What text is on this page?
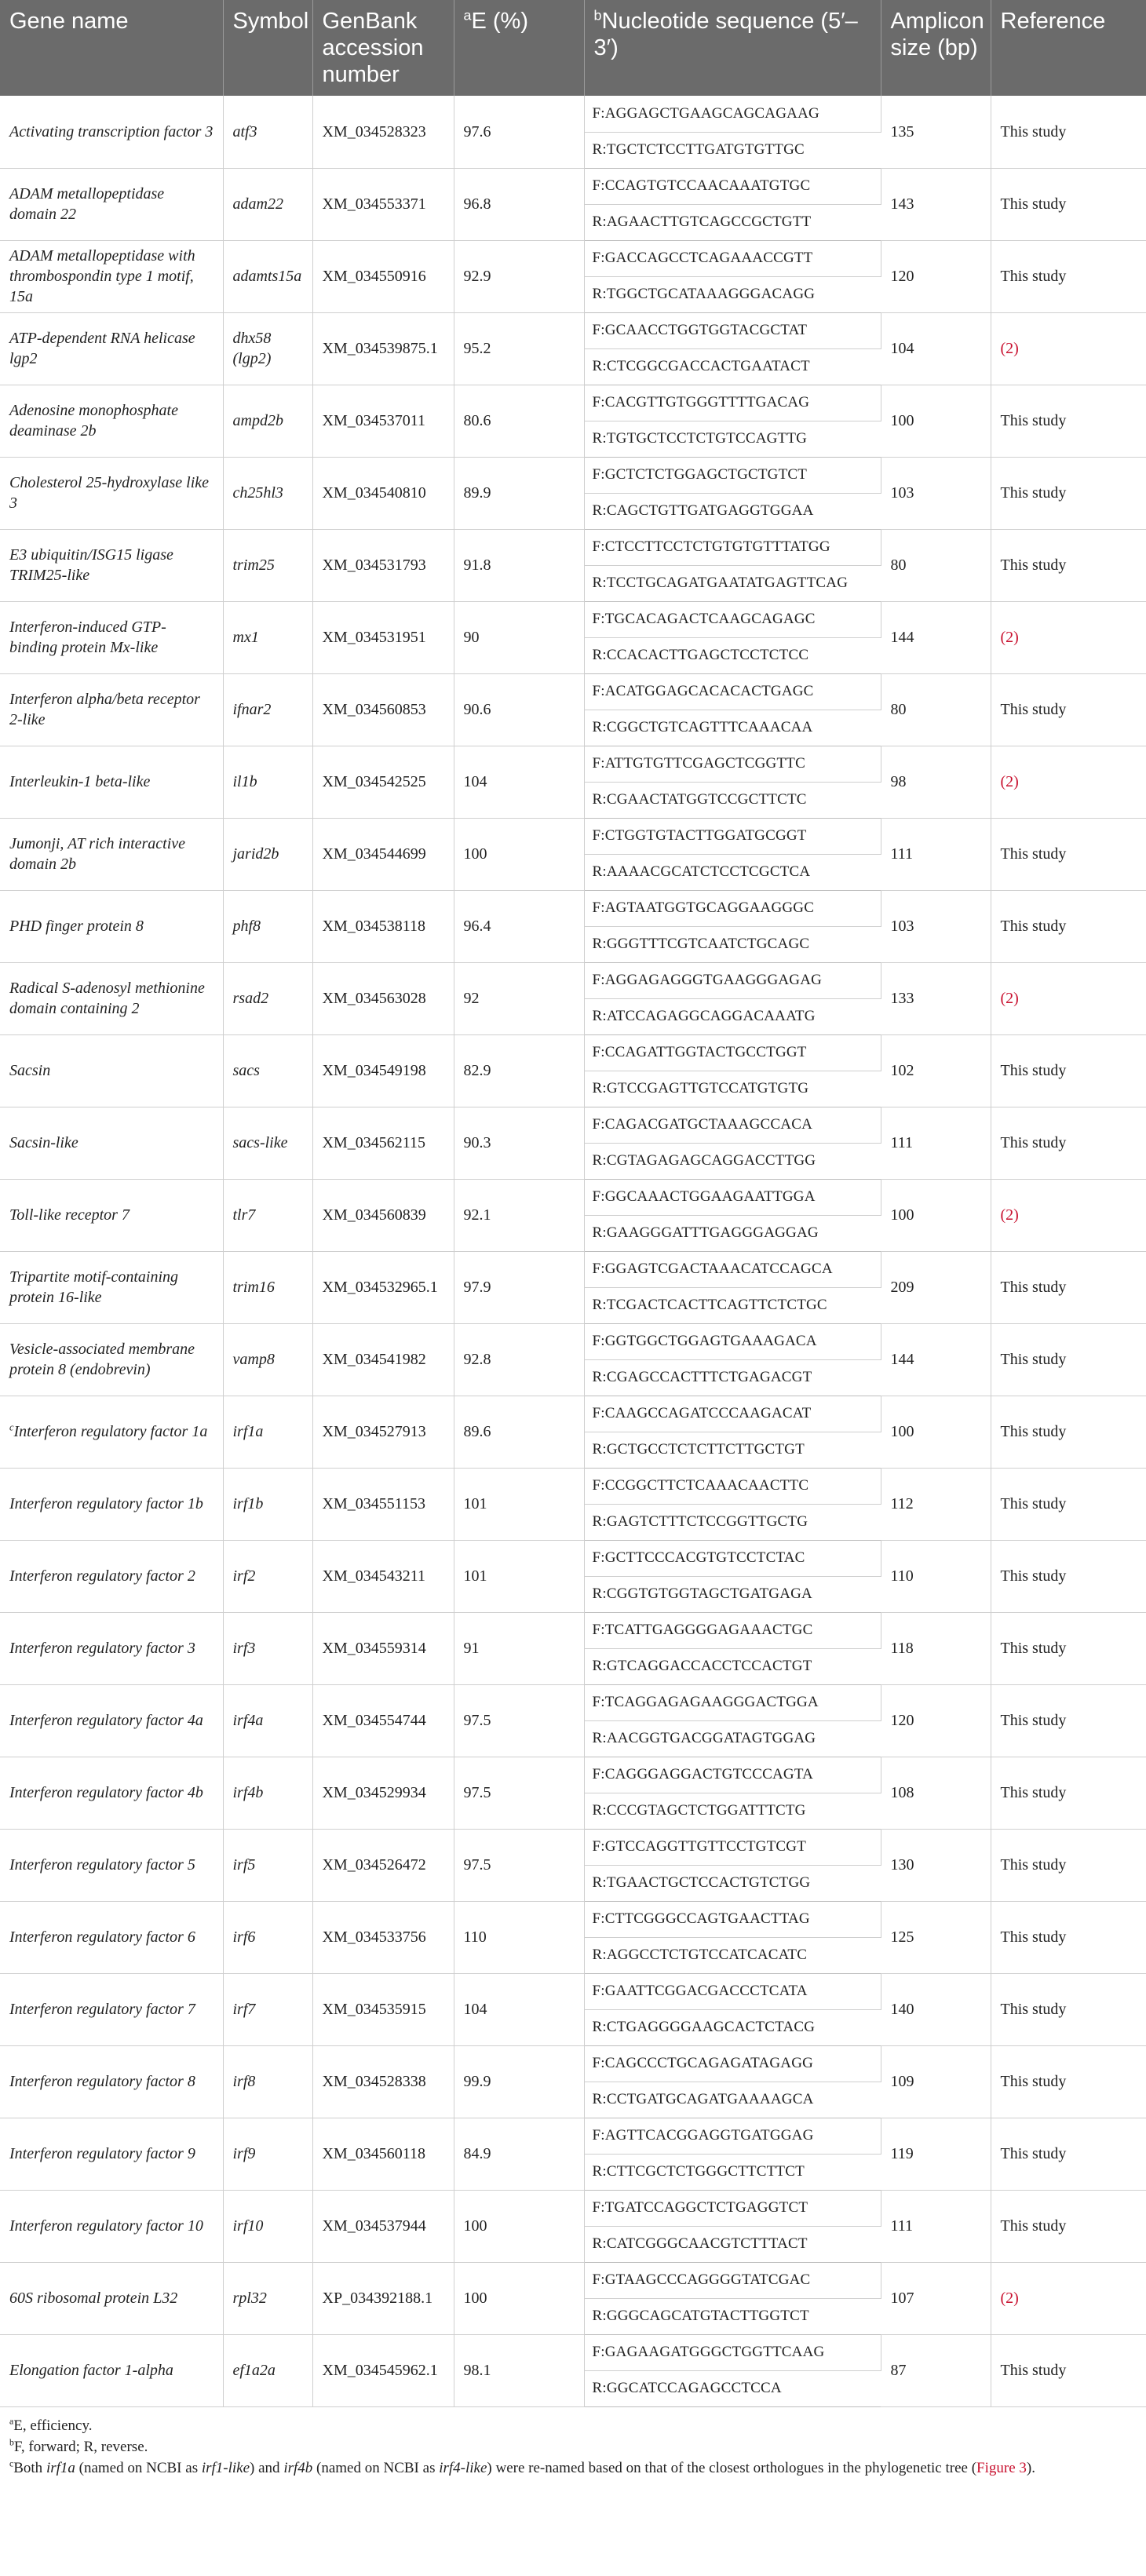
Gene name	Symbol	GenBank accession number	$^a$E (%)	$^b$Nucleotide sequence (5′–3′)	Amplicon size (bp)	Reference
Activating transcription factor 3	atf3	XM_034528323	97.6	F:AGGAGCTGAAGCAGCAGAAG	135	This study
				R:TGCTCTCCTTGATGTGTTGC		
ADAM metallopeptidase domain 22	adam22	XM_034553371	96.8	F:CCAGTGTCCAACAAATGTGC	143	This study
				R:AGAACTTGTCAGCCGCTGTT		
ADAM metallopeptidase with thrombospondin type 1 motif, 15a	adamts15a	XM_034550916	92.9	F:GACCAGCCTCAGAAACCGTT	120	This study
				R:TGGCTGCATAAAGGGACAGG		
ATP-dependent RNA helicase lgp2	dhx58 (lgp2)	XM_034539875.1	95.2	F:GCAACCTGGTGGTACGCTAT	104	(2)
				R:CTCGGCGACCACTGAATACT		
Adenosine monophosphate deaminase 2b	ampd2b	XM_034537011	80.6	F:CACGTTGTGGGTTTTGACAG	100	This study
				R:TGTGCTCCTCTGTCCAGTTG		
Cholesterol 25-hydroxylase like 3	ch25hl3	XM_034540810	89.9	F:GCTCTCTGGAGCTGCTGTCT	103	This study
				R:CAGCTGTTGATGAGGTGGAA		
E3 ubiquitin/ISG15 ligase TRIM25-like	trim25	XM_034531793	91.8	F:CTCCTTCCTCTGTGTGTTTATGG	80	This study
				R:TCCTGCAGATGAATATGAGTTCAG		
Interferon-induced GTP-binding protein Mx-like	mx1	XM_034531951	90	F:TGCACAGACTCAAGCAGAGC	144	(2)
				R:CCACACTTGAGCTCCTCTCC		
Interferon alpha/beta receptor 2-like	ifnar2	XM_034560853	90.6	F:ACATGGAGCACACACTGAGC	80	This study
				R:CGGCTGTCAGTTTCAAACAA		
Interleukin-1 beta-like	il1b	XM_034542525	104	F:ATTGTGTTCGAGCTCGGTTC	98	(2)
				R:CGAACTATGGTCCGCTTCTC		
Jumonji, AT rich interactive domain 2b	jarid2b	XM_034544699	100	F:CTGGTGTACTTGGATGCGGT	111	This study
				R:AAAACGCATCTCCTCGCTCA		
PHD finger protein 8	phf8	XM_034538118	96.4	F:AGTAATGGTGCAGGAAGGGC	103	This study
				R:GGGTTTCGTCAATCTGCAGC		
Radical S-adenosyl methionine domain containing 2	rsad2	XM_034563028	92	F:AGGAGAGGGTGAAGGGAGAG	133	(2)
				R:ATCCAGAGGCAGGACAAATG		
Sacsin	sacs	XM_034549198	82.9	F:CCAGATTGGTACTGCCTGGT	102	This study
				R:GTCCGAGTTGTCCATGTGTG		
Sacsin-like	sacs-like	XM_034562115	90.3	F:CAGACGATGCTAAAGCCACA	111	This study
				R:CGTAGAGAGCAGGACCTTGG		
Toll-like receptor 7	tlr7	XM_034560839	92.1	F:GGCAAACTGGAAGAATTGGA	100	(2)
				R:GAAGGGATTTGAGGGAGGAG		
Tripartite motif-containing protein 16-like	trim16	XM_034532965.1	97.9	F:GGAGTCGACTAAACATCCAGCA	209	This study
				R:TCGACTCACTTCAGTTCTCTGC		
Vesicle-associated membrane protein 8 (endobrevin)	vamp8	XM_034541982	92.8	F:GGTGGCTGGAGTGAAAGACA	144	This study
				R:CGAGCCACTTTCTGAGACGT		
$^c$Interferon regulatory factor 1a	irf1a	XM_034527913	89.6	F:CAAGCCAGATCCCAAGACAT	100	This study
				R:GCTGCCTCTCTTCTTGCTGT		
Interferon regulatory factor 1b	irf1b	XM_034551153	101	F:CCGGCTTCTCAAACAACTTC	112	This study
				R:GAGTCTTTCTCCGGTTGCTG		
Interferon regulatory factor 2	irf2	XM_034543211	101	F:GCTTCCCACGTGTCCTCTAC	110	This study
				R:CGGTGTGGTAGCTGATGAGA		
Interferon regulatory factor 3	irf3	XM_034559314	91	F:TCATTGAGGGGAGAAACTGC	118	This study
				R:GTCAGGACCACCTCCACTGT		
Interferon regulatory factor 4a	irf4a	XM_034554744	97.5	F:TCAGGAGAGAAGGGACTGGA	120	This study
				R:AACGGTGACGGATAGTGGAG		
Interferon regulatory factor 4b	irf4b	XM_034529934	97.5	F:CAGGGAGGACTGTCCCAGTA	108	This study
				R:CCCGTAGCTCTGGATTTCTG		
Interferon regulatory factor 5	irf5	XM_034526472	97.5	F:GTCCAGGTTGTTCCTGTCGT	130	This study
				R:TGAACTGCTCCACTGTCTGG		
Interferon regulatory factor 6	irf6	XM_034533756	110	F:CTTCGGGCCAGTGAACTTAG	125	This study
				R:AGGCCTCTGTCCATCACATC		
Interferon regulatory factor 7	irf7	XM_034535915	104	F:GAATTCGGACGACCCTCATA	140	This study
				R:CTGAGGGGAAGCACTCTACG		
Interferon regulatory factor 8	irf8	XM_034528338	99.9	F:CAGCCCTGCAGAGATAGAGG	109	This study
				R:CCTGATGCAGATGAAAAGCA		
Interferon regulatory factor 9	irf9	XM_034560118	84.9	F:AGTTCACGGAGGTGATGGAG	119	This study
				R:CTTCGCTCTGGGCTTCTTCT		
Interferon regulatory factor 10	irf10	XM_034537944	100	F:TGATCCAGGCTCTGAGGTCT	111	This study
				R:CATCGGGCAACGTCTTTACT		
60S ribosomal protein L32	rpl32	XP_034392188.1	100	F:GTAAGCCCAGGGGTATCGAC	107	(2)
				R:GGGCAGCATGTACTTGGTCT		
Elongation factor 1-alpha	ef1a2a	XM_034545962.1	98.1	F:GAGAAGATGGGCTGGTTCAAG	87	This study
				R:GGCATCCAGAGCCTCCA		

$^a$E, efficiency.

$^b$F, forward; R, reverse.

$^c$Both irf1a (named on NCBI as irf1-like) and irf4b (named on NCBI as irf4-like) were re-named based on that of the closest orthologues in the phylogenetic tree (Figure 3).
